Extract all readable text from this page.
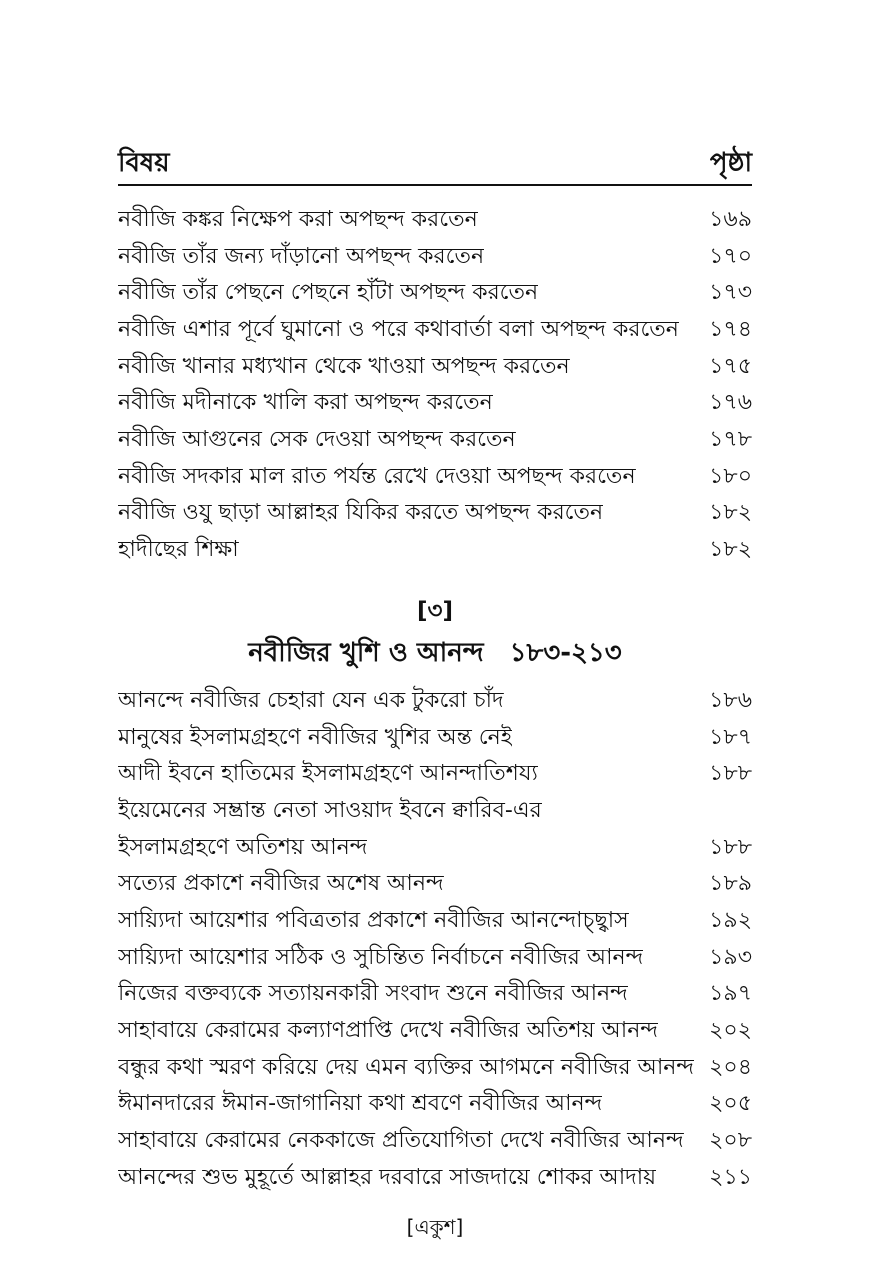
বিষয়	পৃষ্ঠা
নবীজি কঙ্কর নিক্ষেপ করা অপছন্দ করতেন	১৬৯
নবীজি তাঁর জন্য দাঁড়ানো অপছন্দ করতেন	১৭০
নবীজি তাঁর পেছনে পেছনে হাঁটা অপছন্দ করতেন	১৭৩
নবীজি এশার পূর্বে ঘুমানো ও পরে কথাবার্তা বলা অপছন্দ করতেন	১৭৪
নবীজি খানার মধ্যখান থেকে খাওয়া অপছন্দ করতেন	১৭৫
নবীজি মদীনাকে খালি করা অপছন্দ করতেন	১৭৬
নবীজি আগুনের সেক দেওয়া অপছন্দ করতেন	১৭৮
নবীজি সদকার মাল রাত পর্যন্ত রেখে দেওয়া অপছন্দ করতেন	১৮০
নবীজি ওযু ছাড়া আল্লাহর যিকির করতে অপছন্দ করতেন	১৮২
হাদীছের শিক্ষা	১৮২
[৩]
নবীজির খুশি ও আনন্দ ১৮৩-২১৩
আনন্দে নবীজির চেহারা যেন এক টুকরো চাঁদ	১৮৬
মানুষের ইসলামগ্রহণে নবীজির খুশির অন্ত নেই	১৮৭
আদী ইবনে হাতিমের ইসলামগ্রহণে আনন্দাতিশয্য	১৮৮
ইয়েমেনের সম্ভ্রান্ত নেতা সাওয়াদ ইবনে ক্বারিব-এর
ইসলামগ্রহণে অতিশয় আনন্দ	১৮৮
সত্যের প্রকাশে নবীজির অশেষ আনন্দ	১৮৯
সায়্যিদা আয়েশার পবিত্রতার প্রকাশে নবীজির আনন্দোচ্ছ্বাস	১৯২
সায়্যিদা আয়েশার সঠিক ও সুচিন্তিত নির্বাচনে নবীজির আনন্দ	১৯৩
নিজের বক্তব্যকে সত্যায়নকারী সংবাদ শুনে নবীজির আনন্দ	১৯৭
সাহাবায়ে কেরামের কল্যাণপ্রাপ্তি দেখে নবীজির অতিশয় আনন্দ	২০২
বন্ধুর কথা স্মরণ করিয়ে দেয় এমন ব্যক্তির আগমনে নবীজির আনন্দ ২০৪
ঈমানদারের ঈমান-জাগানিয়া কথা শ্রবণে নবীজির আনন্দ	২০৫
সাহাবায়ে কেরামের নেককাজে প্রতিযোগিতা দেখে নবীজির আনন্দ	২০৮
আনন্দের শুভ মুহূর্তে আল্লাহর দরবারে সাজদায়ে শোকর আদায়	২১১
[একুশ]
